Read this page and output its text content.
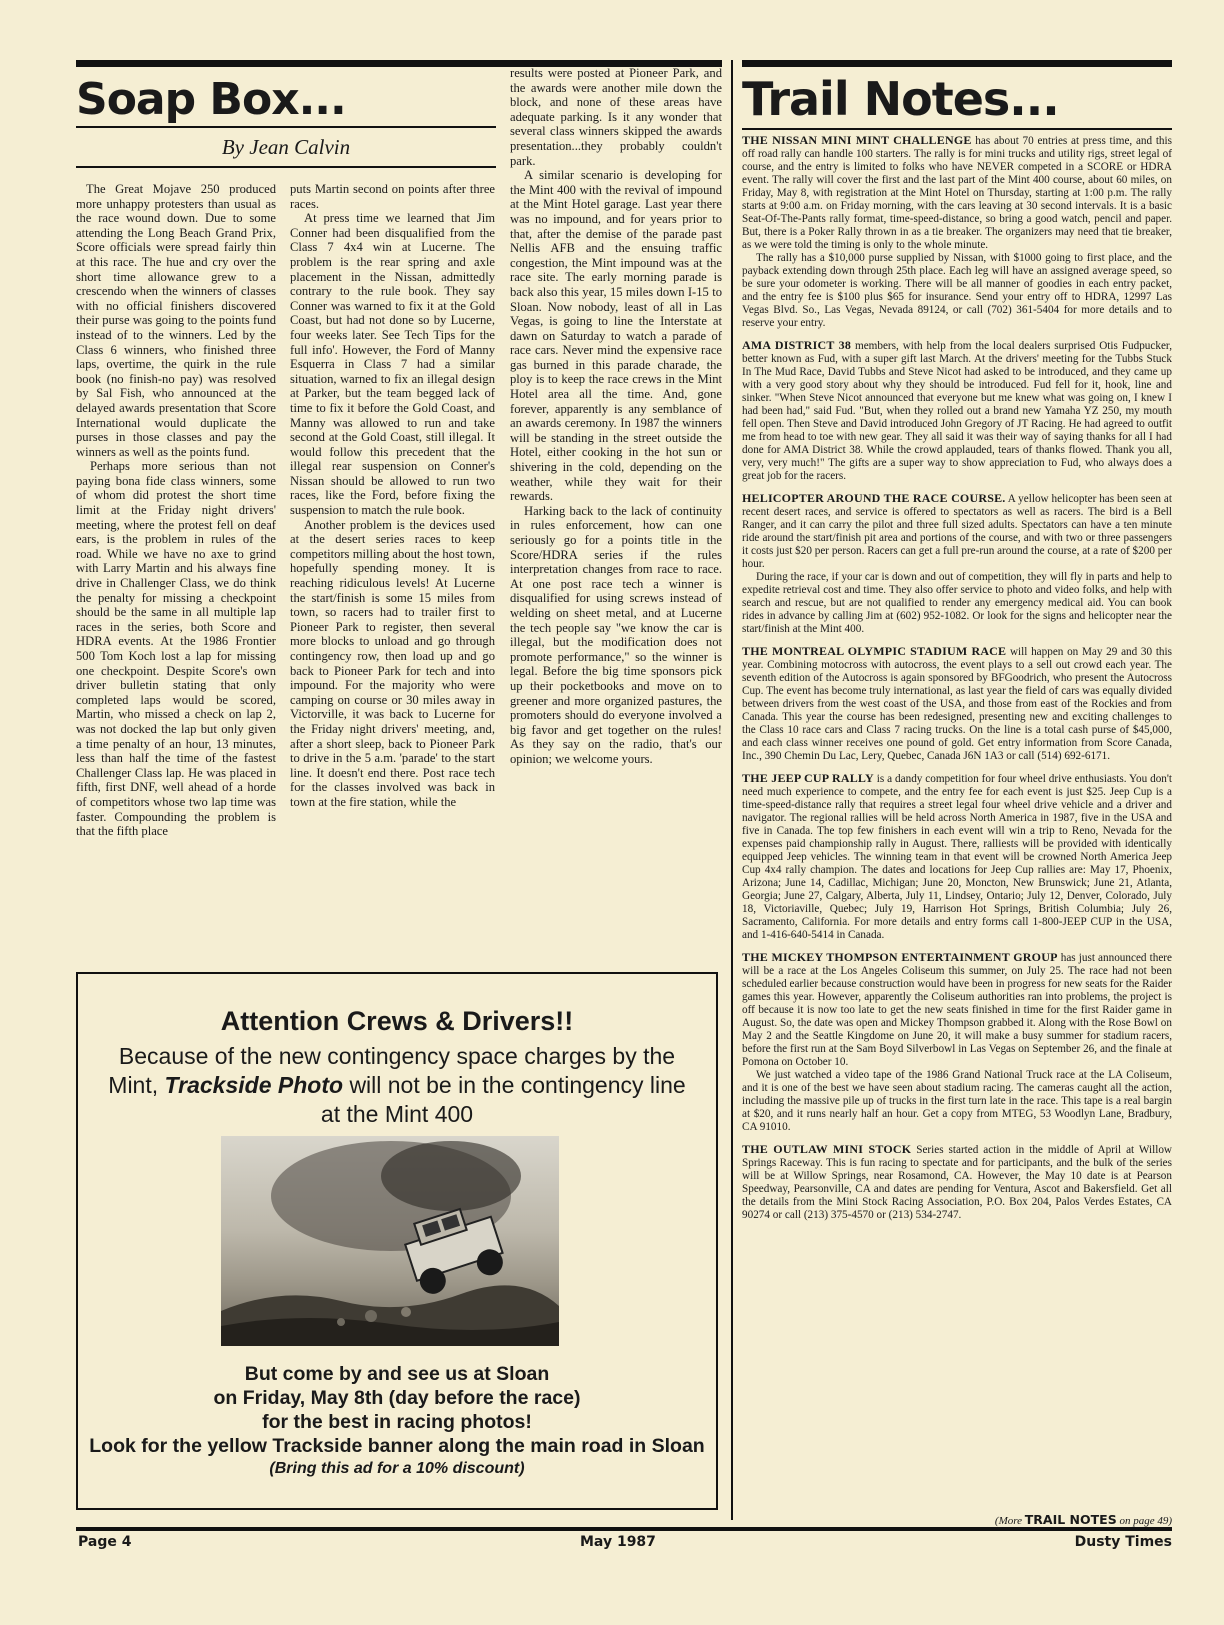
Soap Box...
By Jean Calvin

The Great Mojave 250 produced more unhappy protesters than usual as the race wound down. Due to some attending the Long Beach Grand Prix, Score officials were spread fairly thin at this race. The hue and cry over the short time allowance grew to a crescendo when the winners of classes with no official finishers discovered their purse was going to the points fund instead of to the winners. Led by the Class 6 winners, who finished three laps, overtime, the quirk in the rule book (no finish-no pay) was resolved by Sal Fish, who announced at the delayed awards presentation that Score International would duplicate the purses in those classes and pay the winners as well as the points fund.

Perhaps more serious than not paying bona fide class winners, some of whom did protest the short time limit at the Friday night drivers' meeting, where the protest fell on deaf ears, is the problem in rules of the road. While we have no axe to grind with Larry Martin and his always fine drive in Challenger Class, we do think the penalty for missing a checkpoint should be the same in all multiple lap races in the series, both Score and HDRA events. At the 1986 Frontier 500 Tom Koch lost a lap for missing one checkpoint. Despite Score's own driver bulletin stating that only completed laps would be scored, Martin, who missed a check on lap 2, was not docked the lap but only given a time penalty of an hour, 13 minutes, less than half the time of the fastest Challenger Class lap. He was placed in fifth, first DNF, well ahead of a horde of competitors whose two lap time was faster. Compounding the problem is that the fifth place

puts Martin second on points after three races.

At press time we learned that Jim Conner had been disqualified from the Class 7 4x4 win at Lucerne. The problem is the rear spring and axle placement in the Nissan, admittedly contrary to the rule book. They say Conner was warned to fix it at the Gold Coast, but had not done so by Lucerne, four weeks later. See Tech Tips for the full info'. However, the Ford of Manny Esquerra in Class 7 had a similar situation, warned to fix an illegal design at Parker, but the team begged lack of time to fix it before the Gold Coast, and Manny was allowed to run and take second at the Gold Coast, still illegal. It would follow this precedent that the illegal rear suspension on Conner's Nissan should be allowed to run two races, like the Ford, before fixing the suspension to match the rule book.

Another problem is the devices used at the desert series races to keep competitors milling about the host town, hopefully spending money. It is reaching ridiculous levels! At Lucerne the start/finish is some 15 miles from town, so racers had to trailer first to Pioneer Park to register, then several more blocks to unload and go through contingency row, then load up and go back to Pioneer Park for tech and into impound. For the majority who were camping on course or 30 miles away in Victorville, it was back to Lucerne for the Friday night drivers' meeting, and, after a short sleep, back to Pioneer Park to drive in the 5 a.m. 'parade' to the start line. It doesn't end there. Post race tech for the classes involved was back in town at the fire station, while the

results were posted at Pioneer Park, and the awards were another mile down the block, and none of these areas have adequate parking. Is it any wonder that several class winners skipped the awards presentation...they probably couldn't park.

A similar scenario is developing for the Mint 400 with the revival of impound at the Mint Hotel garage. Last year there was no impound, and for years prior to that, after the demise of the parade past Nellis AFB and the ensuing traffic congestion, the Mint impound was at the race site. The early morning parade is back also this year, 15 miles down I-15 to Sloan. Now nobody, least of all in Las Vegas, is going to line the Interstate at dawn on Saturday to watch a parade of race cars. Never mind the expensive race gas burned in this parade charade, the ploy is to keep the race crews in the Mint Hotel area all the time. And, gone forever, apparently is any semblance of an awards ceremony. In 1987 the winners will be standing in the street outside the Hotel, either cooking in the hot sun or shivering in the cold, depending on the weather, while they wait for their rewards.

Harking back to the lack of continuity in rules enforcement, how can one seriously go for a points title in the Score/HDRA series if the rules interpretation changes from race to race. At one post race tech a winner is disqualified for using screws instead of welding on sheet metal, and at Lucerne the tech people say "we know the car is illegal, but the modification does not promote performance," so the winner is legal. Before the big time sponsors pick up their pocketbooks and move on to greener and more organized pastures, the promoters should do everyone involved a big favor and get together on the rules! As they say on the radio, that's our opinion; we welcome yours.

Attention Crews & Drivers!!
Because of the new contingency space charges by the Mint, Trackside Photo will not be in the contingency line at the Mint 400
But come by and see us at Sloan
on Friday, May 8th (day before the race)
for the best in racing photos!
Look for the yellow Trackside banner along the main road in Sloan
(Bring this ad for a 10% discount)
Trail Notes...

THE NISSAN MINI MINT CHALLENGE has about 70 entries at press time, and this off road rally can handle 100 starters. The rally is for mini trucks and utility rigs, street legal of course, and the entry is limited to folks who have NEVER competed in a SCORE or HDRA event. The rally will cover the first and the last part of the Mint 400 course, about 60 miles, on Friday, May 8, with registration at the Mint Hotel on Thursday, starting at 1:00 p.m. The rally starts at 9:00 a.m. on Friday morning, with the cars leaving at 30 second intervals. It is a basic Seat-Of-The-Pants rally format, time-speed-distance, so bring a good watch, pencil and paper. But, there is a Poker Rally thrown in as a tie breaker. The organizers may need that tie breaker, as we were told the timing is only to the whole minute.

The rally has a $10,000 purse supplied by Nissan, with $1000 going to first place, and the payback extending down through 25th place. Each leg will have an assigned average speed, so be sure your odometer is working. There will be all manner of goodies in each entry packet, and the entry fee is $100 plus $65 for insurance. Send your entry off to HDRA, 12997 Las Vegas Blvd. So., Las Vegas, Nevada 89124, or call (702) 361-5404 for more details and to reserve your entry.

AMA DISTRICT 38 members, with help from the local dealers surprised Otis Fudpucker, better known as Fud, with a super gift last March. At the drivers' meeting for the Tubbs Stuck In The Mud Race, David Tubbs and Steve Nicot had asked to be introduced, and they came up with a very good story about why they should be introduced. Fud fell for it, hook, line and sinker. "When Steve Nicot announced that everyone but me knew what was going on, I knew I had been had," said Fud. "But, when they rolled out a brand new Yamaha YZ 250, my mouth fell open. Then Steve and David introduced John Gregory of JT Racing. He had agreed to outfit me from head to toe with new gear. They all said it was their way of saying thanks for all I had done for AMA District 38. While the crowd applauded, tears of thanks flowed. Thank you all, very, very much!" The gifts are a super way to show appreciation to Fud, who always does a great job for the racers.

HELICOPTER AROUND THE RACE COURSE. A yellow helicopter has been seen at recent desert races, and service is offered to spectators as well as racers. The bird is a Bell Ranger, and it can carry the pilot and three full sized adults. Spectators can have a ten minute ride around the start/finish pit area and portions of the course, and with two or three passengers it costs just $20 per person. Racers can get a full pre-run around the course, at a rate of $200 per hour.

During the race, if your car is down and out of competition, they will fly in parts and help to expedite retrieval cost and time. They also offer service to photo and video folks, and help with search and rescue, but are not qualified to render any emergency medical aid. You can book rides in advance by calling Jim at (602) 952-1082. Or look for the signs and helicopter near the start/finish at the Mint 400.

THE MONTREAL OLYMPIC STADIUM RACE will happen on May 29 and 30 this year. Combining motocross with autocross, the event plays to a sell out crowd each year. The seventh edition of the Autocross is again sponsored by BFGoodrich, who present the Autocross Cup. The event has become truly international, as last year the field of cars was equally divided between drivers from the west coast of the USA, and those from east of the Rockies and from Canada. This year the course has been redesigned, presenting new and exciting challenges to the Class 10 race cars and Class 7 racing trucks. On the line is a total cash purse of $45,000, and each class winner receives one pound of gold. Get entry information from Score Canada, Inc., 390 Chemin Du Lac, Lery, Quebec, Canada J6N 1A3 or call (514) 692-6171.

THE JEEP CUP RALLY is a dandy competition for four wheel drive enthusiasts. You don't need much experience to compete, and the entry fee for each event is just $25. Jeep Cup is a time-speed-distance rally that requires a street legal four wheel drive vehicle and a driver and navigator. The regional rallies will be held across North America in 1987, five in the USA and five in Canada. The top few finishers in each event will win a trip to Reno, Nevada for the expenses paid championship rally in August. There, ralliests will be provided with identically equipped Jeep vehicles. The winning team in that event will be crowned North America Jeep Cup 4x4 rally champion. The dates and locations for Jeep Cup rallies are: May 17, Phoenix, Arizona; June 14, Cadillac, Michigan; June 20, Moncton, New Brunswick; June 21, Atlanta, Georgia; June 27, Calgary, Alberta, July 11, Lindsey, Ontario; July 12, Denver, Colorado, July 18, Victoriaville, Quebec; July 19, Harrison Hot Springs, British Columbia; July 26, Sacramento, California. For more details and entry forms call 1-800-JEEP CUP in the USA, and 1-416-640-5414 in Canada.

THE MICKEY THOMPSON ENTERTAINMENT GROUP has just announced there will be a race at the Los Angeles Coliseum this summer, on July 25. The race had not been scheduled earlier because construction would have been in progress for new seats for the Raider games this year. However, apparently the Coliseum authorities ran into problems, the project is off because it is now too late to get the new seats finished in time for the first Raider game in August. So, the date was open and Mickey Thompson grabbed it. Along with the Rose Bowl on May 2 and the Seattle Kingdome on June 20, it will make a busy summer for stadium racers, before the first run at the Sam Boyd Silverbowl in Las Vegas on September 26, and the finale at Pomona on October 10.

We just watched a video tape of the 1986 Grand National Truck race at the LA Coliseum, and it is one of the best we have seen about stadium racing. The cameras caught all the action, including the massive pile up of trucks in the first turn late in the race. This tape is a real bargin at $20, and it runs nearly half an hour. Get a copy from MTEG, 53 Woodlyn Lane, Bradbury, CA 91010.

THE OUTLAW MINI STOCK Series started action in the middle of April at Willow Springs Raceway. This is fun racing to spectate and for participants, and the bulk of the series will be at Willow Springs, near Rosamond, CA. However, the May 10 date is at Pearson Speedway, Pearsonville, CA and dates are pending for Ventura, Ascot and Bakersfield. Get all the details from the Mini Stock Racing Association, P.O. Box 204, Palos Verdes Estates, CA 90274 or call (213) 375-4570 or (213) 534-2747.

(More TRAIL NOTES on page 49)
Page 4	May 1987	Dusty Times
